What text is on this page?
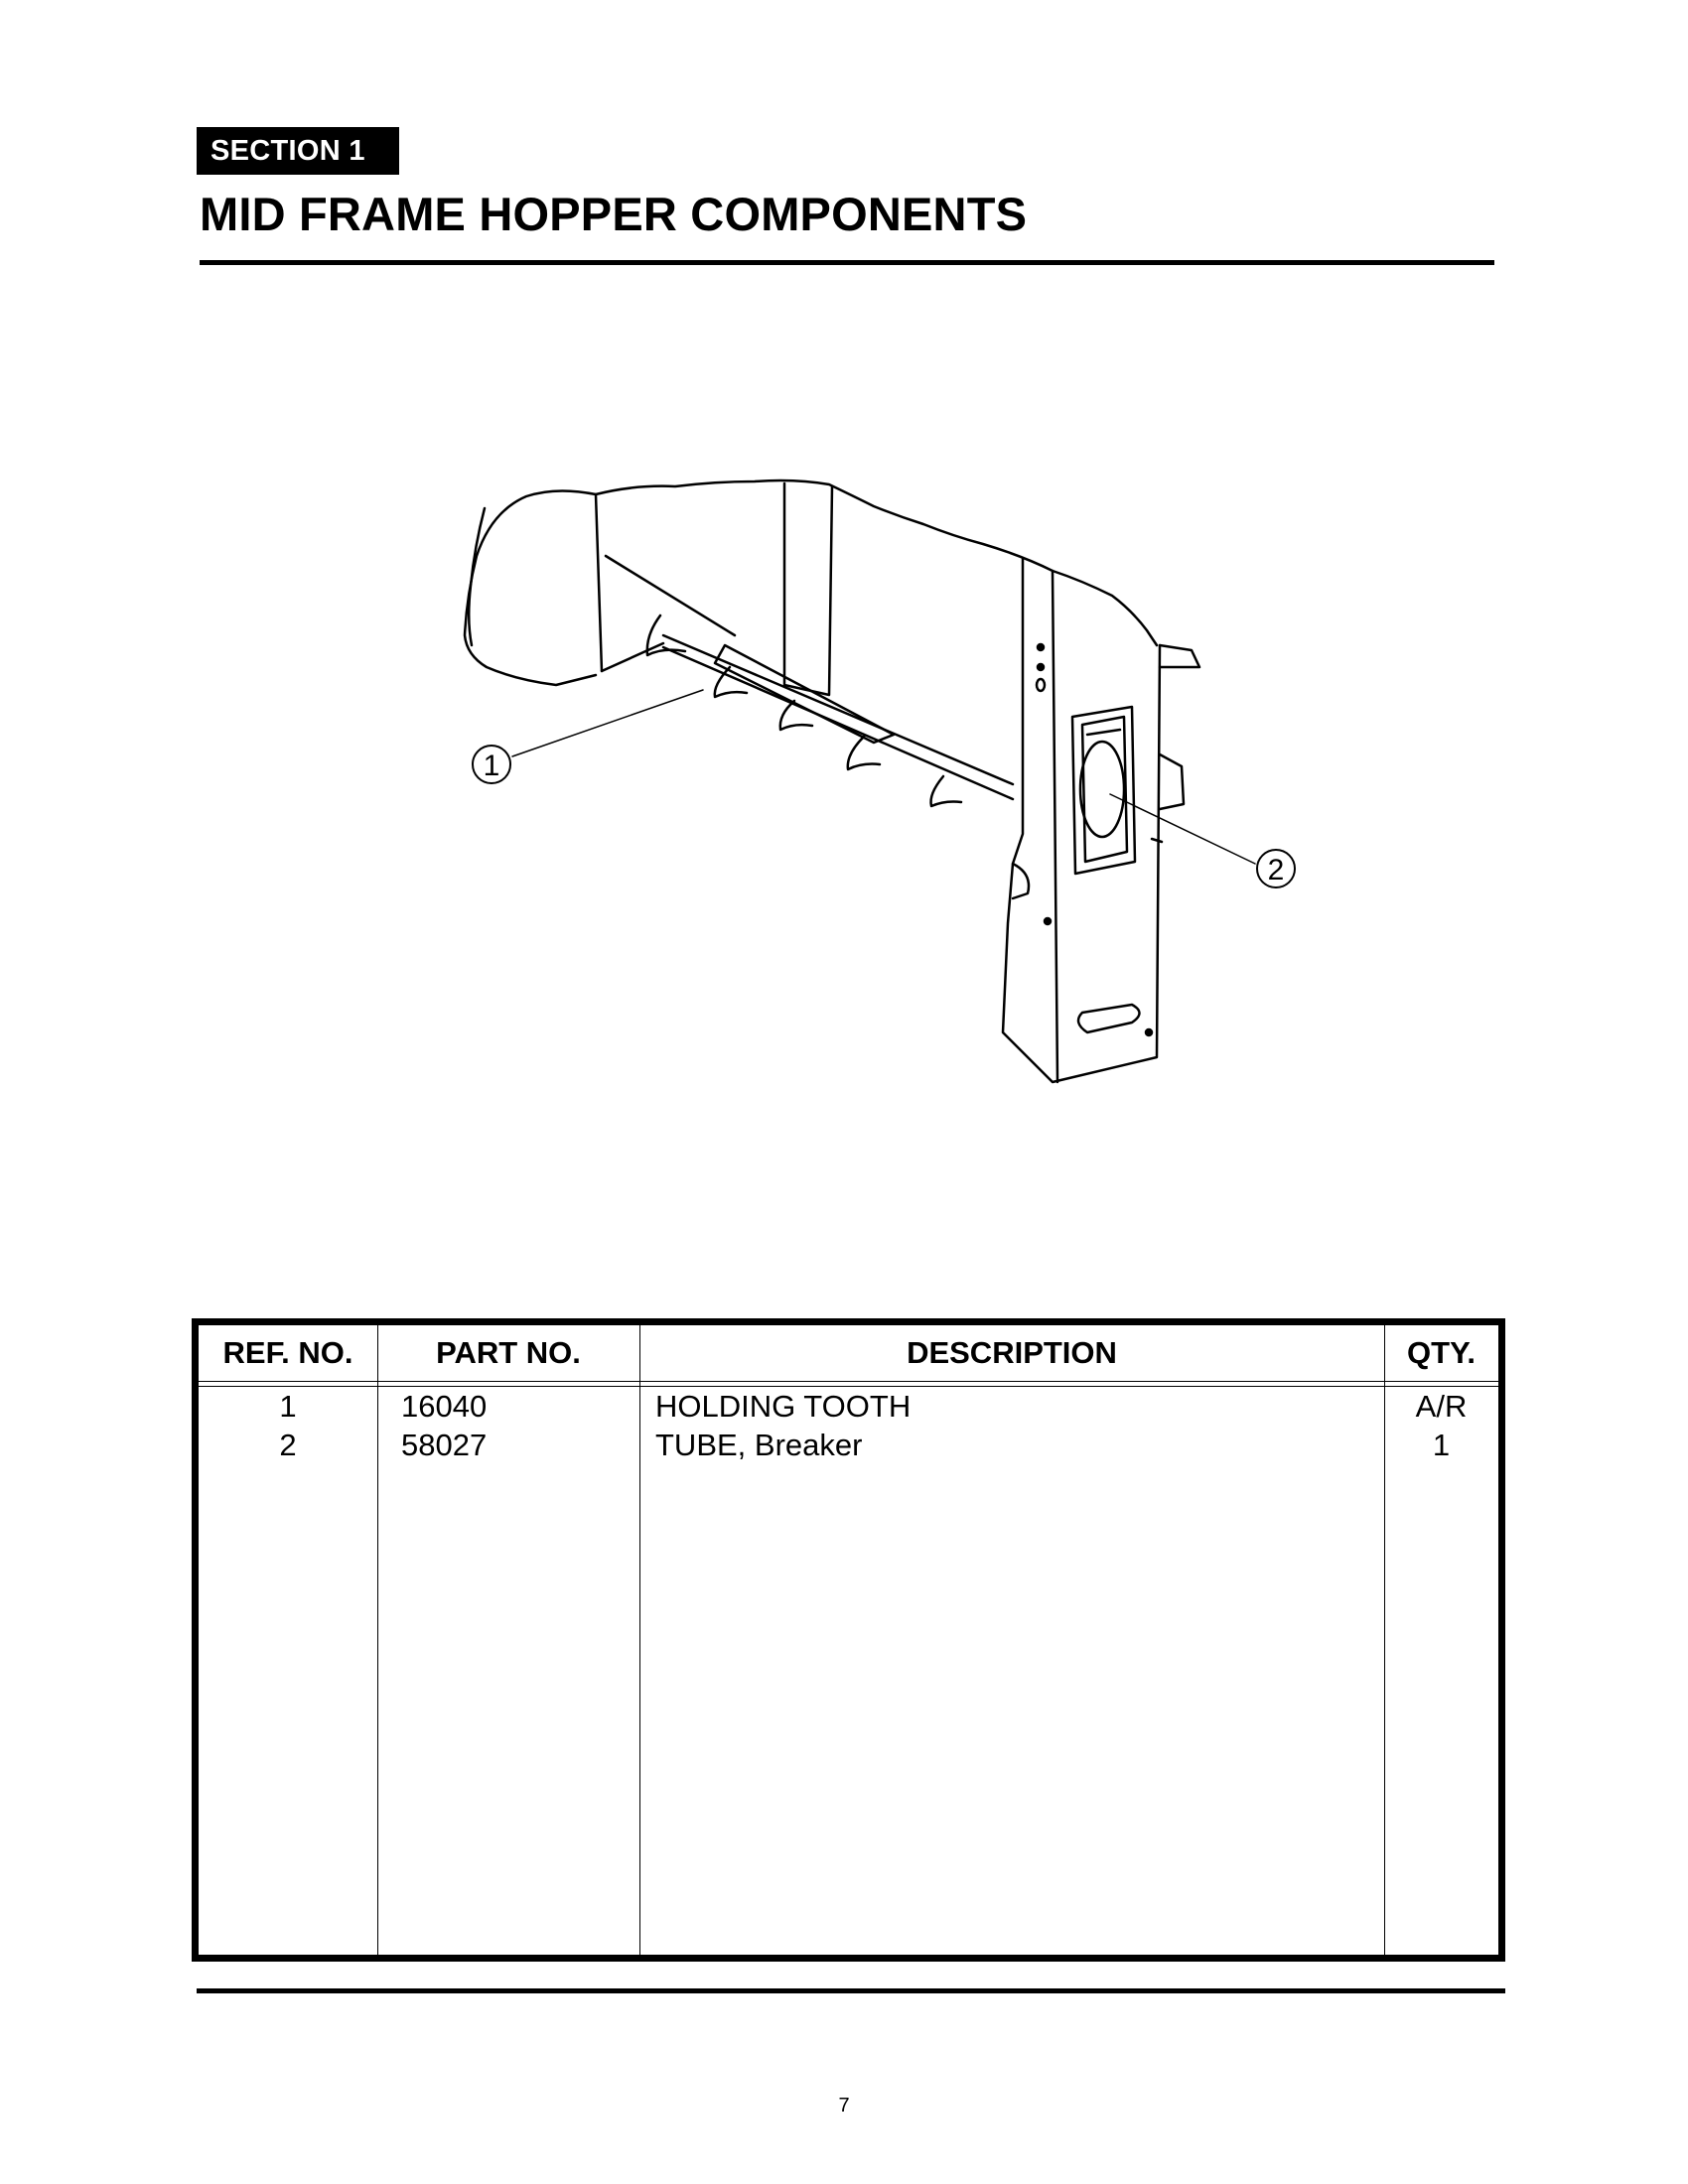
SECTION 1
MID FRAME HOPPER COMPONENTS
1
2
REF. NO.	PART NO.	DESCRIPTION	QTY.
1	16040	HOLDING TOOTH	A/R
2	58027	TUBE, Breaker	1
7
